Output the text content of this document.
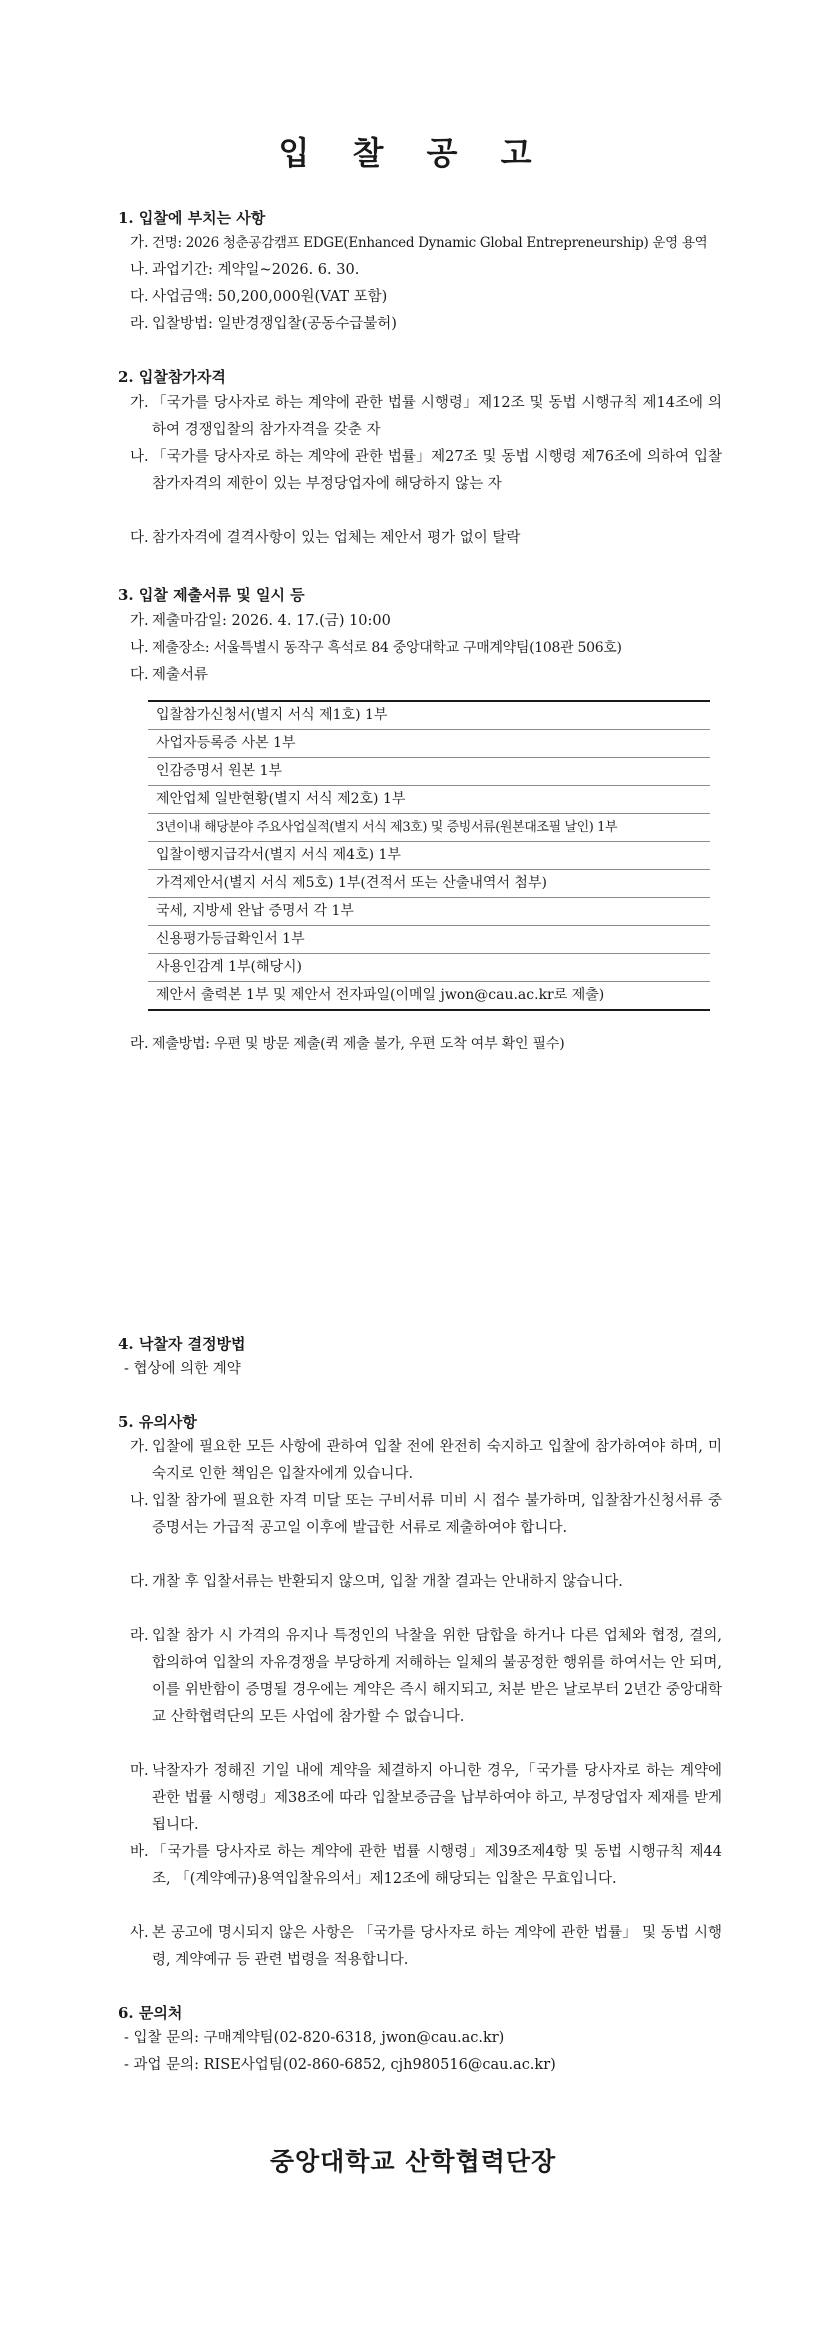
입 찰 공 고
1. 입찰에 부치는 사항
가. 건명: 2026 청춘공감캠프 EDGE(Enhanced Dynamic Global Entrepreneurship) 운영 용역
나. 과업기간: 계약일~2026. 6. 30.
다. 사업금액: 50,200,000원(VAT 포함)
라. 입찰방법: 일반경쟁입찰(공동수급불허)
2. 입찰참가자격
가. 「국가를 당사자로 하는 계약에 관한 법률 시행령」제12조 및 동법 시행규칙 제14조에 의하여 경쟁입찰의 참가자격을 갖춘 자
나. 「국가를 당사자로 하는 계약에 관한 법률」제27조 및 동법 시행령 제76조에 의하여 입찰참가자격의 제한이 있는 부정당업자에 해당하지 않는 자
다. 참가자격에 결격사항이 있는 업체는 제안서 평가 없이 탈락
3. 입찰 제출서류 및 일시 등
가. 제출마감일: 2026. 4. 17.(금) 10:00
나. 제출장소: 서울특별시 동작구 흑석로 84 중앙대학교 구매계약팀(108관 506호)
다. 제출서류
입찰참가신청서(별지 서식 제1호) 1부
사업자등록증 사본 1부
인감증명서 원본 1부
제안업체 일반현황(별지 서식 제2호) 1부
3년이내 해당분야 주요사업실적(별지 서식 제3호) 및 증빙서류(원본대조필 날인) 1부
입찰이행지급각서(별지 서식 제4호) 1부
가격제안서(별지 서식 제5호) 1부(견적서 또는 산출내역서 첨부)
국세, 지방세 완납 증명서 각 1부
신용평가등급확인서 1부
사용인감계 1부(해당시)
제안서 출력본 1부 및 제안서 전자파일(이메일 jwon@cau.ac.kr로 제출)
라. 제출방법: 우편 및 방문 제출(퀵 제출 불가, 우편 도착 여부 확인 필수)
4. 낙찰자 결정방법
- 협상에 의한 계약
5. 유의사항
가. 입찰에 필요한 모든 사항에 관하여 입찰 전에 완전히 숙지하고 입찰에 참가하여야 하며, 미숙지로 인한 책임은 입찰자에게 있습니다.
나. 입찰 참가에 필요한 자격 미달 또는 구비서류 미비 시 접수 불가하며, 입찰참가신청서류 중 증명서는 가급적 공고일 이후에 발급한 서류로 제출하여야 합니다.
다. 개찰 후 입찰서류는 반환되지 않으며, 입찰 개찰 결과는 안내하지 않습니다.
라. 입찰 참가 시 가격의 유지나 특정인의 낙찰을 위한 담합을 하거나 다른 업체와 협정, 결의, 합의하여 입찰의 자유경쟁을 부당하게 저해하는 일체의 불공정한 행위를 하여서는 안 되며, 이를 위반함이 증명될 경우에는 계약은 즉시 해지되고, 처분 받은 날로부터 2년간 중앙대학교 산학협력단의 모든 사업에 참가할 수 없습니다.
마. 낙찰자가 정해진 기일 내에 계약을 체결하지 아니한 경우,「국가를 당사자로 하는 계약에 관한 법률 시행령」제38조에 따라 입찰보증금을 납부하여야 하고, 부정당업자 제재를 받게 됩니다.
바. 「국가를 당사자로 하는 계약에 관한 법률 시행령」제39조제4항 및 동법 시행규칙 제44조, 「(계약예규)용역입찰유의서」제12조에 해당되는 입찰은 무효입니다.
사. 본 공고에 명시되지 않은 사항은 「국가를 당사자로 하는 계약에 관한 법률」 및 동법 시행령, 계약예규 등 관련 법령을 적용합니다.
6. 문의처
- 입찰 문의: 구매계약팀(02-820-6318, jwon@cau.ac.kr)
- 과업 문의: RISE사업팀(02-860-6852, cjh980516@cau.ac.kr)
중앙대학교 산학협력단장
